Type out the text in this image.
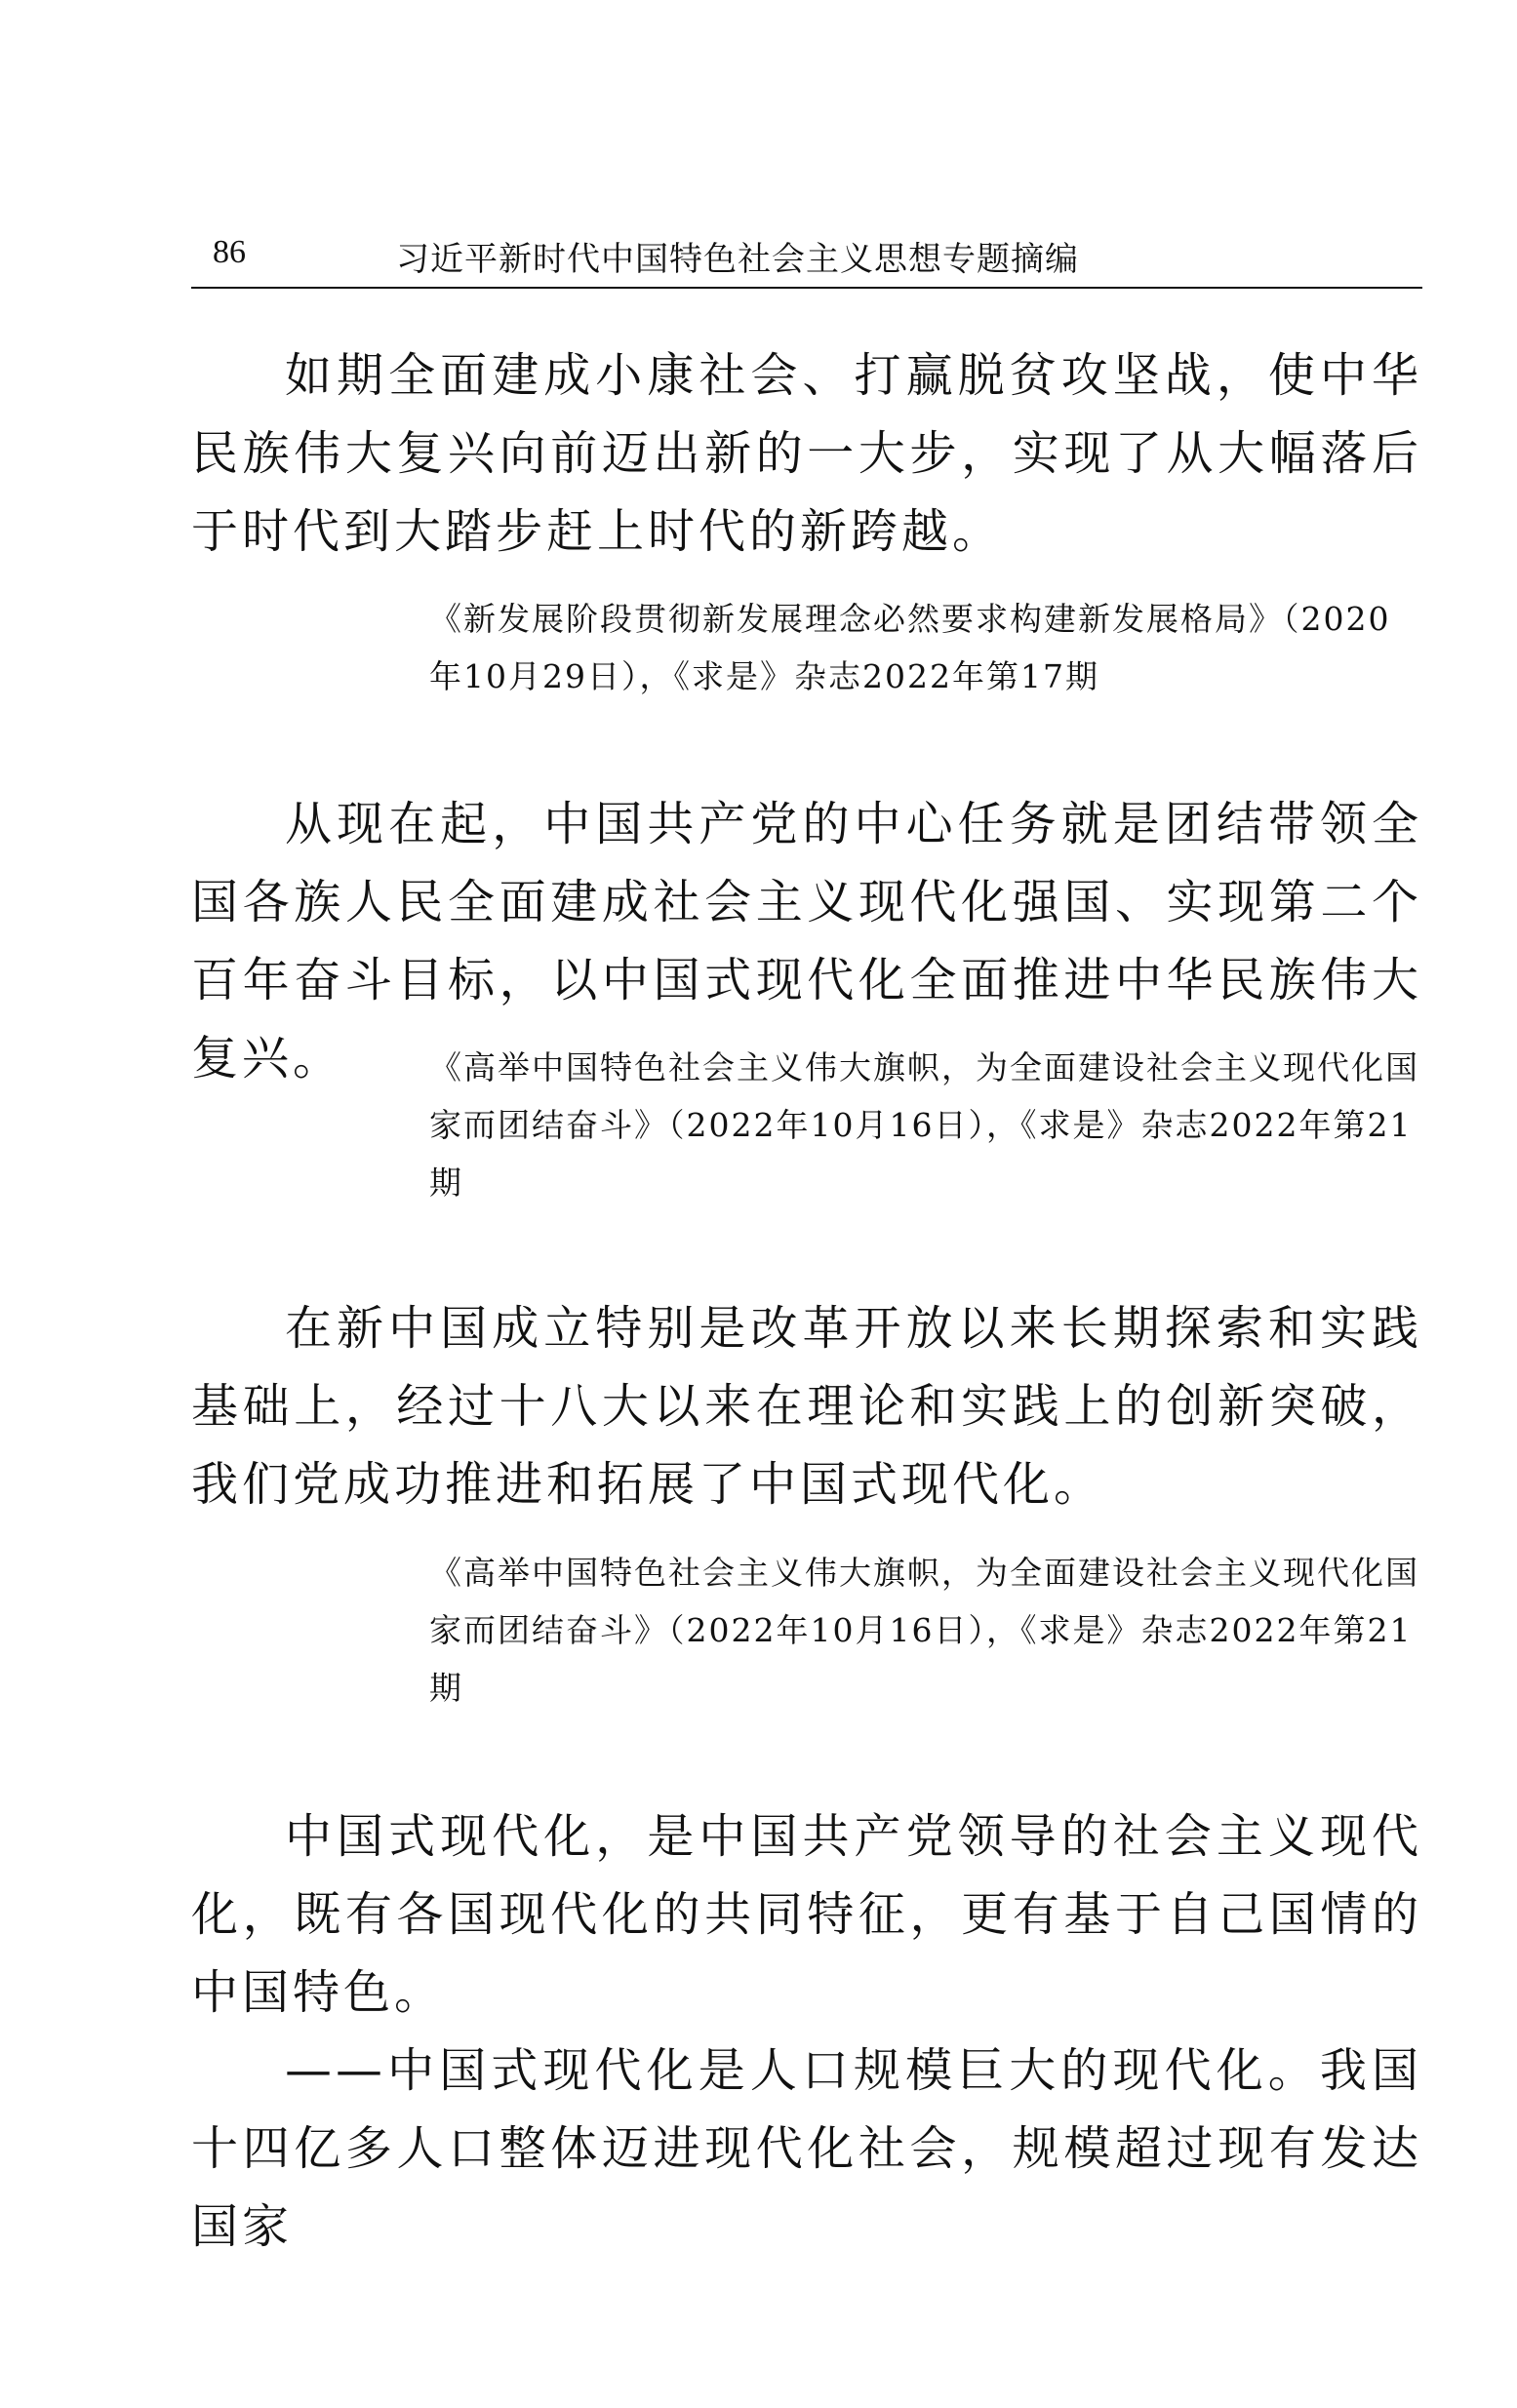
86	习近平新时代中国特色社会主义思想专题摘编

如期全面建成小康社会、打赢脱贫攻坚战，使中华民族伟大复兴向前迈出新的一大步，实现了从大幅落后于时代到大踏步赶上时代的新跨越。

《新发展阶段贯彻新发展理念必然要求构建新发展格局》（2020年10月29日），《求是》杂志2022年第17期

从现在起，中国共产党的中心任务就是团结带领全国各族人民全面建成社会主义现代化强国、实现第二个百年奋斗目标，以中国式现代化全面推进中华民族伟大复兴。	《高举中国特色社会主义伟大旗帜，为全面建设社会主义现代化国家而团结奋斗》（2022年10月16日），《求是》杂志2022年第21期

在新中国成立特别是改革开放以来长期探索和实践基础上，经过十八大以来在理论和实践上的创新突破，我们党成功推进和拓展了中国式现代化。

《高举中国特色社会主义伟大旗帜，为全面建设社会主义现代化国家而团结奋斗》（2022年10月16日），《求是》杂志2022年第21期

中国式现代化，是中国共产党领导的社会主义现代化，既有各国现代化的共同特征，更有基于自己国情的中国特色。

——中国式现代化是人口规模巨大的现代化。我国十四亿多人口整体迈进现代化社会，规模超过现有发达国家
